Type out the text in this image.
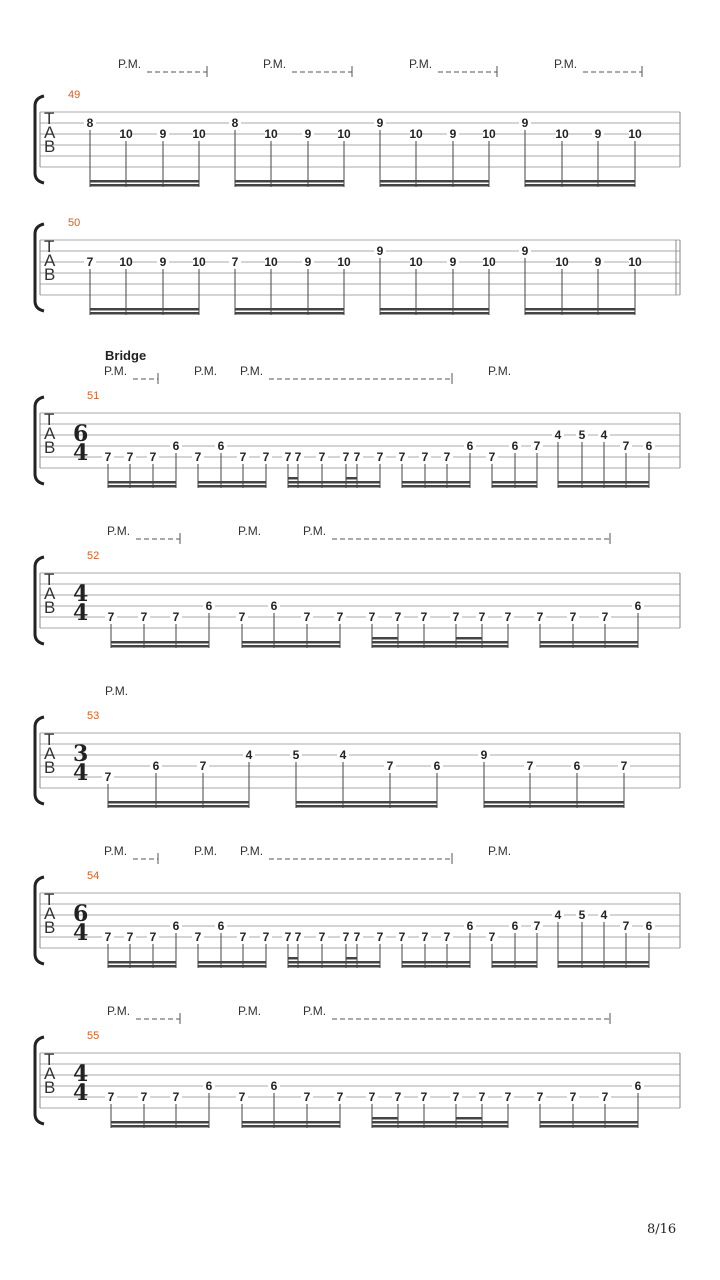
P.M.	P.M.	P.M.	P.M.
49
T
A
B
8
10 9 10
8
10 9 10
9
10 9 10
9
10 9 10
50
T
A
B
7 10 9 10 7 10 9 10
9
10 9 10
9
10 9 10
P.M.	P.M. P.M.	P.M.
Bridge
51
T
A
B
6
4 7 7 7
6
7
6
7 7 7 7 7 7 7 7 7 7 7
6
7
6 7
4 5 4
7 6
P.M.	P.M.	P.M.
52
T
A
B
4
4 7 7 7
6
7
6
7 7 7 7 7 7 7 7 7 7 7
6
P.M.
53
T
A
B
3
4 7
6	7
4	5	4
7	6
9
7	6	7
P.M.	P.M. P.M.	P.M.
54
T
A
B
6
4 7 7 7
6
7
6
7 7 7 7 7 7 7 7 7 7 7
6
7
6 7
4 5 4
7 6
P.M.	P.M.	P.M.
55
T
A
B
4
4 7 7 7
6
7
6
7 7 7 7 7 7 7 7 7 7 7
6
8/16
